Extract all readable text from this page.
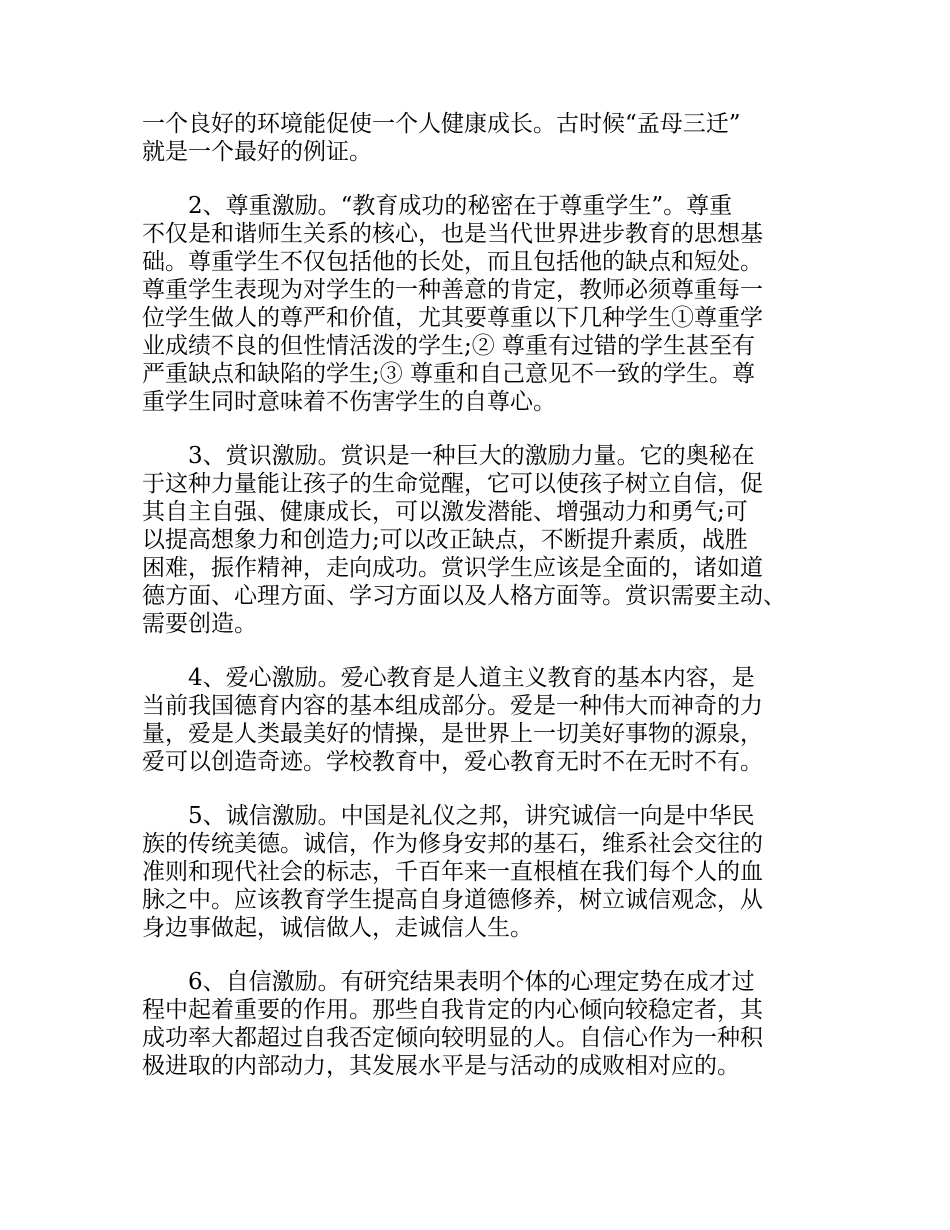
一个良好的环境能促使一个人健康成长。古时候“孟母三迁”
就是一个最好的例证。

2、尊重激励。“教育成功的秘密在于尊重学生”。尊重
不仅是和谐师生关系的核心，也是当代世界进步教育的思想基
础。尊重学生不仅包括他的长处，而且包括他的缺点和短处。
尊重学生表现为对学生的一种善意的肯定，教师必须尊重每一
位学生做人的尊严和价值，尤其要尊重以下几种学生①尊重学
业成绩不良的但性情活泼的学生;② 尊重有过错的学生甚至有
严重缺点和缺陷的学生;③ 尊重和自己意见不一致的学生。尊
重学生同时意味着不伤害学生的自尊心。

3、赏识激励。赏识是一种巨大的激励力量。它的奥秘在
于这种力量能让孩子的生命觉醒，它可以使孩子树立自信，促
其自主自强、健康成长，可以激发潜能、增强动力和勇气;可
以提高想象力和创造力;可以改正缺点，不断提升素质，战胜
困难，振作精神，走向成功。赏识学生应该是全面的，诸如道
德方面、心理方面、学习方面以及人格方面等。赏识需要主动、
需要创造。

4、爱心激励。爱心教育是人道主义教育的基本内容，是
当前我国德育内容的基本组成部分。爱是一种伟大而神奇的力
量，爱是人类最美好的情操，是世界上一切美好事物的源泉，
爱可以创造奇迹。学校教育中，爱心教育无时不在无时不有。

5、诚信激励。中国是礼仪之邦，讲究诚信一向是中华民
族的传统美德。诚信，作为修身安邦的基石，维系社会交往的
准则和现代社会的标志，千百年来一直根植在我们每个人的血
脉之中。应该教育学生提高自身道德修养，树立诚信观念，从
身边事做起，诚信做人，走诚信人生。

6、自信激励。有研究结果表明个体的心理定势在成才过
程中起着重要的作用。那些自我肯定的内心倾向较稳定者，其
成功率大都超过自我否定倾向较明显的人。自信心作为一种积
极进取的内部动力，其发展水平是与活动的成败相对应的。
